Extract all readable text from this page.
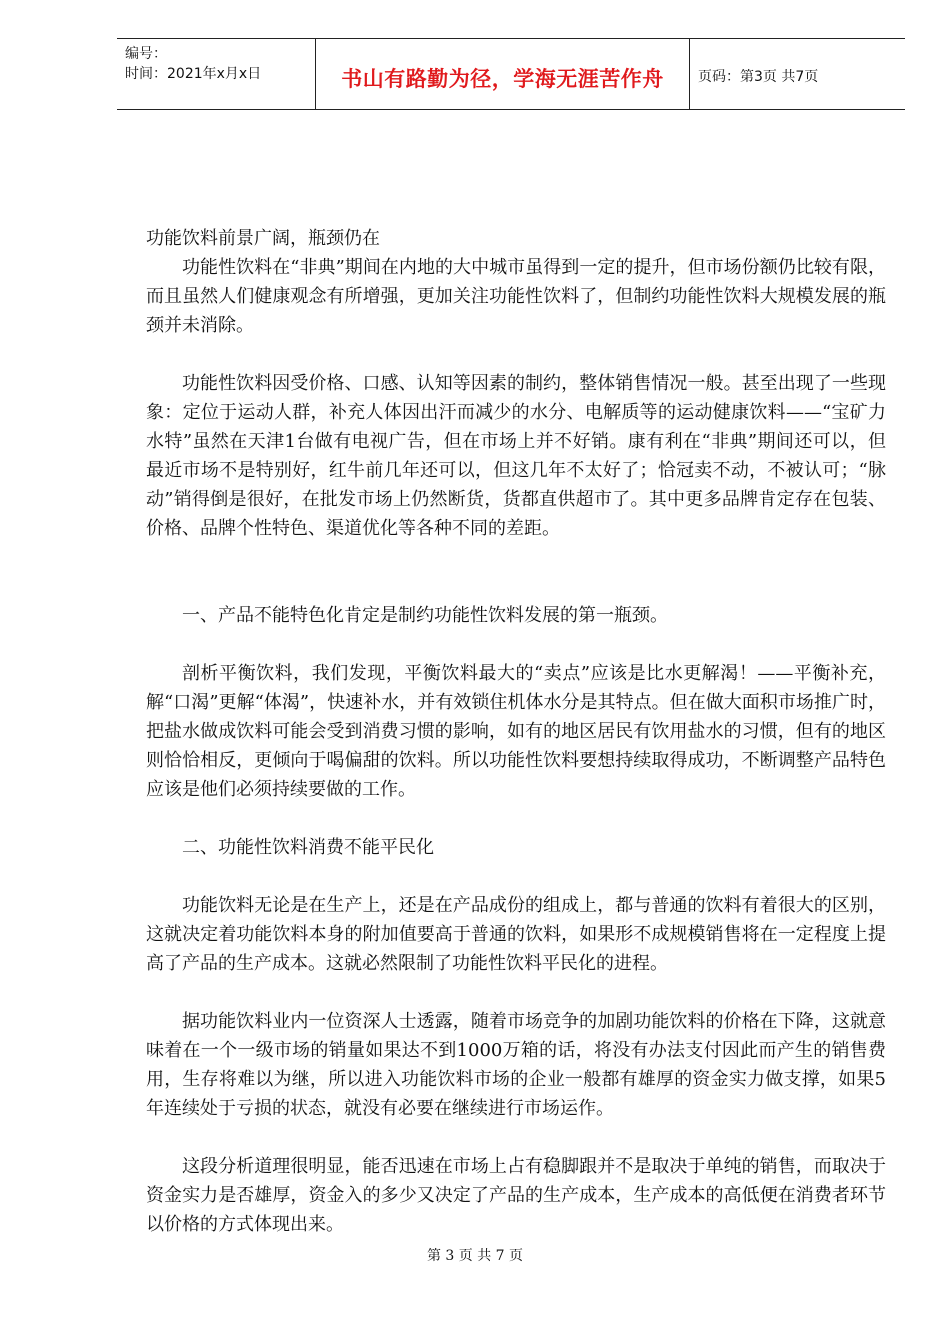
编号：
时间：2021年x月x日	书山有路勤为径，学海无涯苦作舟	页码：第3页 共7页

功能饮料前景广阔，瓶颈仍在

功能性饮料在“非典”期间在内地的大中城市虽得到一定的提升，但市场份额仍比较有限，而且虽然人们健康观念有所增强，更加关注功能性饮料了，但制约功能性饮料大规模发展的瓶颈并未消除。

功能性饮料因受价格、口感、认知等因素的制约，整体销售情况一般。甚至出现了一些现象：定位于运动人群，补充人体因出汗而减少的水分、电解质等的运动健康饮料——“宝矿力水特”虽然在天津1台做有电视广告，但在市场上并不好销。康有利在“非典”期间还可以，但最近市场不是特别好，红牛前几年还可以，但这几年不太好了；恰冠卖不动，不被认可；“脉动”销得倒是很好，在批发市场上仍然断货，货都直供超市了。其中更多品牌肯定存在包装、价格、品牌个性特色、渠道优化等各种不同的差距。

一、产品不能特色化肯定是制约功能性饮料发展的第一瓶颈。

剖析平衡饮料，我们发现，平衡饮料最大的“卖点”应该是比水更解渴！——平衡补充，解“口渴”更解“体渴”，快速补水，并有效锁住机体水分是其特点。但在做大面积市场推广时，把盐水做成饮料可能会受到消费习惯的影响，如有的地区居民有饮用盐水的习惯，但有的地区则恰恰相反，更倾向于喝偏甜的饮料。所以功能性饮料要想持续取得成功，不断调整产品特色应该是他们必须持续要做的工作。

二、功能性饮料消费不能平民化

功能饮料无论是在生产上，还是在产品成份的组成上，都与普通的饮料有着很大的区别，这就决定着功能饮料本身的附加值要高于普通的饮料，如果形不成规模销售将在一定程度上提高了产品的生产成本。这就必然限制了功能性饮料平民化的进程。

据功能饮料业内一位资深人士透露，随着市场竞争的加剧功能饮料的价格在下降，这就意味着在一个一级市场的销量如果达不到1000万箱的话，将没有办法支付因此而产生的销售费用，生存将难以为继，所以进入功能饮料市场的企业一般都有雄厚的资金实力做支撑，如果5年连续处于亏损的状态，就没有必要在继续进行市场运作。

这段分析道理很明显，能否迅速在市场上占有稳脚跟并不是取决于单纯的销售，而取决于资金实力是否雄厚，资金入的多少又决定了产品的生产成本，生产成本的高低便在消费者环节以价格的方式体现出来。

第 3 页 共 7 页
